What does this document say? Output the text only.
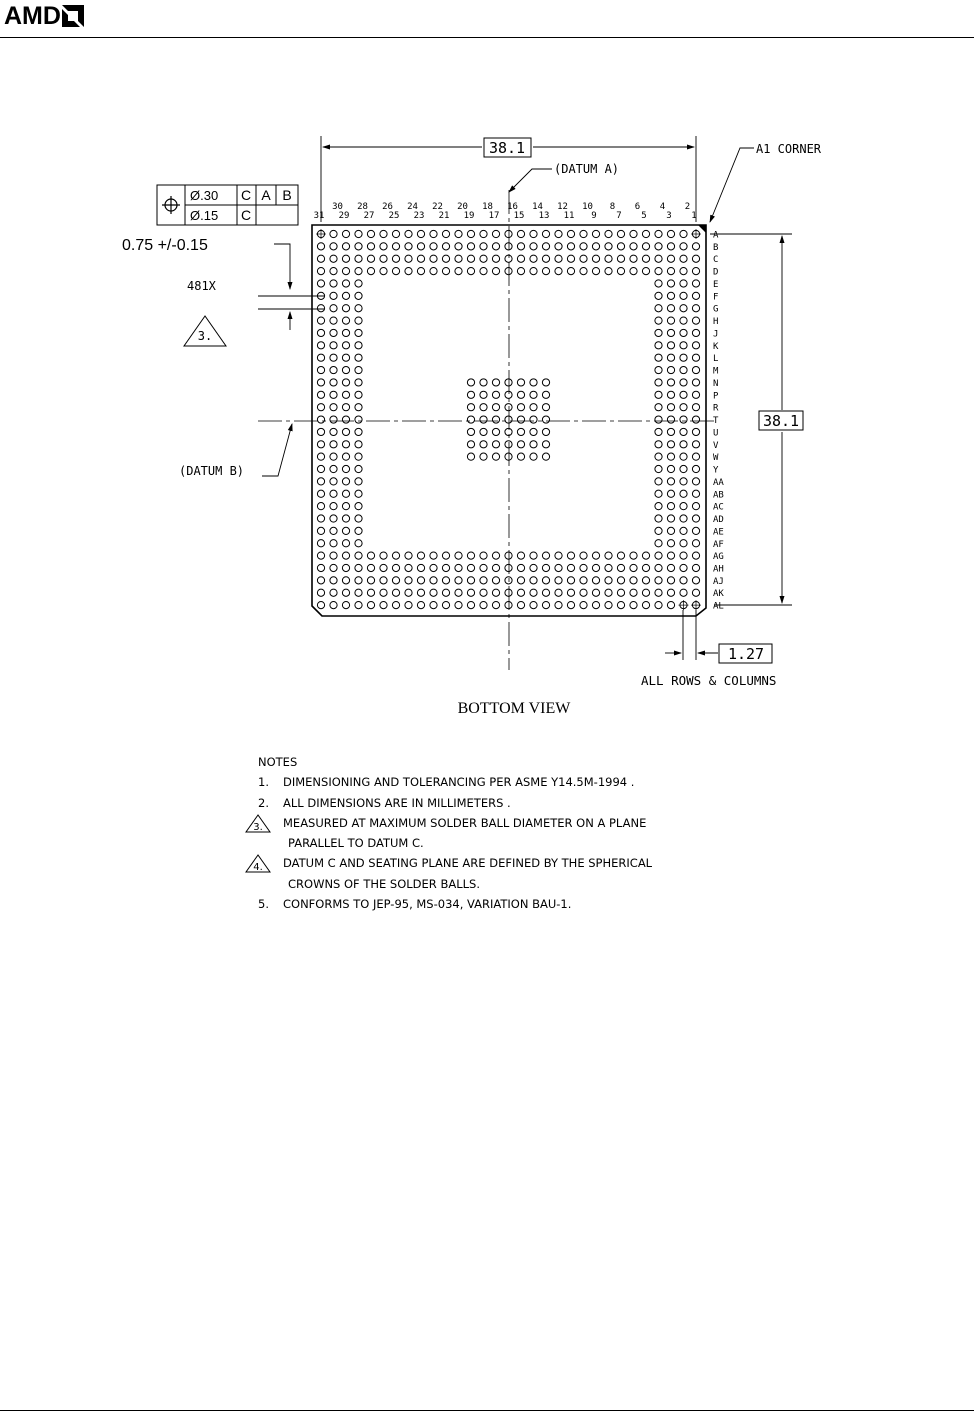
AMD
38.1
38.1
1.27
ALL ROWS & COLUMNS
(DATUM A)
A1 CORNER
(DATUM B)
0.75 +/-0.15
481X
3.
Ø.30 C A B
Ø.15 C	30 28 26 24 22 20 18 16 14 12 10 8 6 4 2
31 29 27 25 23 21 19 17 15 13 11 9 7 5 3 1
A
B
C
D
E
F
G
H
J
K
L
M
N
P
R
T
U
V
W
Y
AA
AB
AC
AD
AE
AF
AG
AH
AJ
AK
AL
BOTTOM VIEW
NOTES
1. DIMENSIONING AND TOLERANCING PER ASME Y14.5M-1994 .
2. ALL DIMENSIONS ARE IN MILLIMETERS .
3. MEASURED AT MAXIMUM SOLDER BALL DIAMETER ON A PLANE
PARALLEL TO DATUM C.
4. DATUM C AND SEATING PLANE ARE DEFINED BY THE SPHERICAL
CROWNS OF THE SOLDER BALLS.
5. CONFORMS TO JEP-95, MS-034, VARIATION BAU-1.
